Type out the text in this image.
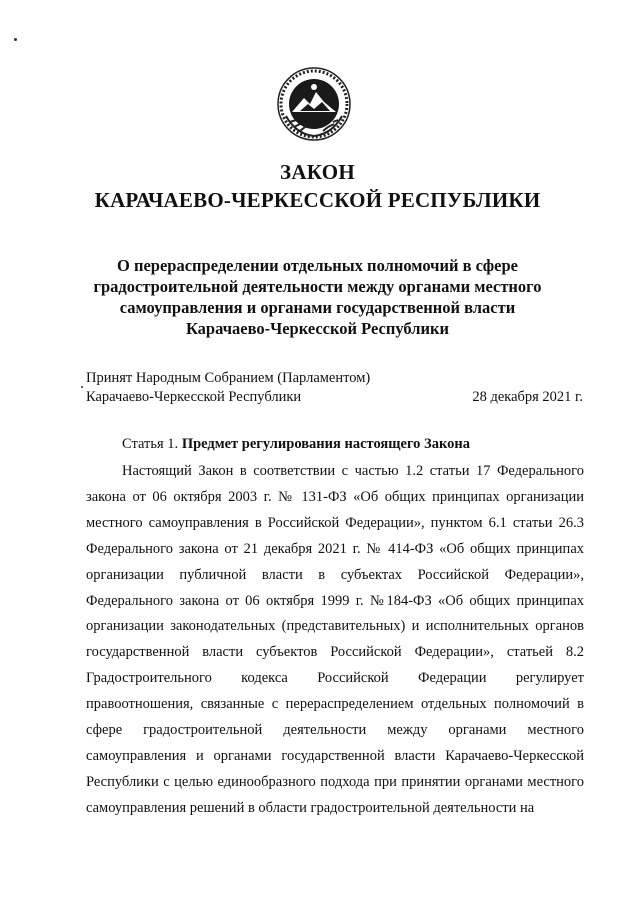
ЗАКОН
КАРАЧАЕВО-ЧЕРКЕССКОЙ РЕСПУБЛИКИ
О перераспределении отдельных полномочий в сфере градостроительной деятельности между органами местного самоуправления и органами государственной власти Карачаево-Черкесской Республики
Принят Народным Собранием (Парламентом)
Карачаево-Черкесской Республики	28 декабря 2021 г.
Статья 1. Предмет регулирования настоящего Закона
Настоящий Закон в соответствии с частью 1.2 статьи 17 Федерального закона от 06 октября 2003 г. № 131-ФЗ «Об общих принципах организации местного самоуправления в Российской Федерации», пунктом 6.1 статьи 26.3 Федерального закона от 21 декабря 2021 г. № 414-ФЗ «Об общих принципах организации публичной власти в субъектах Российской Федерации», Федерального закона от 06 октября 1999 г. №184-ФЗ «Об общих принципах организации законодательных (представительных) и исполнительных органов государственной власти субъектов Российской Федерации», статьей 8.2 Градостроительного кодекса Российской Федерации регулирует правоотношения, связанные с перераспределением отдельных полномочий в сфере градостроительной деятельности между органами местного самоуправления и органами государственной власти Карачаево-Черкесской Республики с целью единообразного подхода при принятии органами местного самоуправления решений в области градостроительной деятельности на
